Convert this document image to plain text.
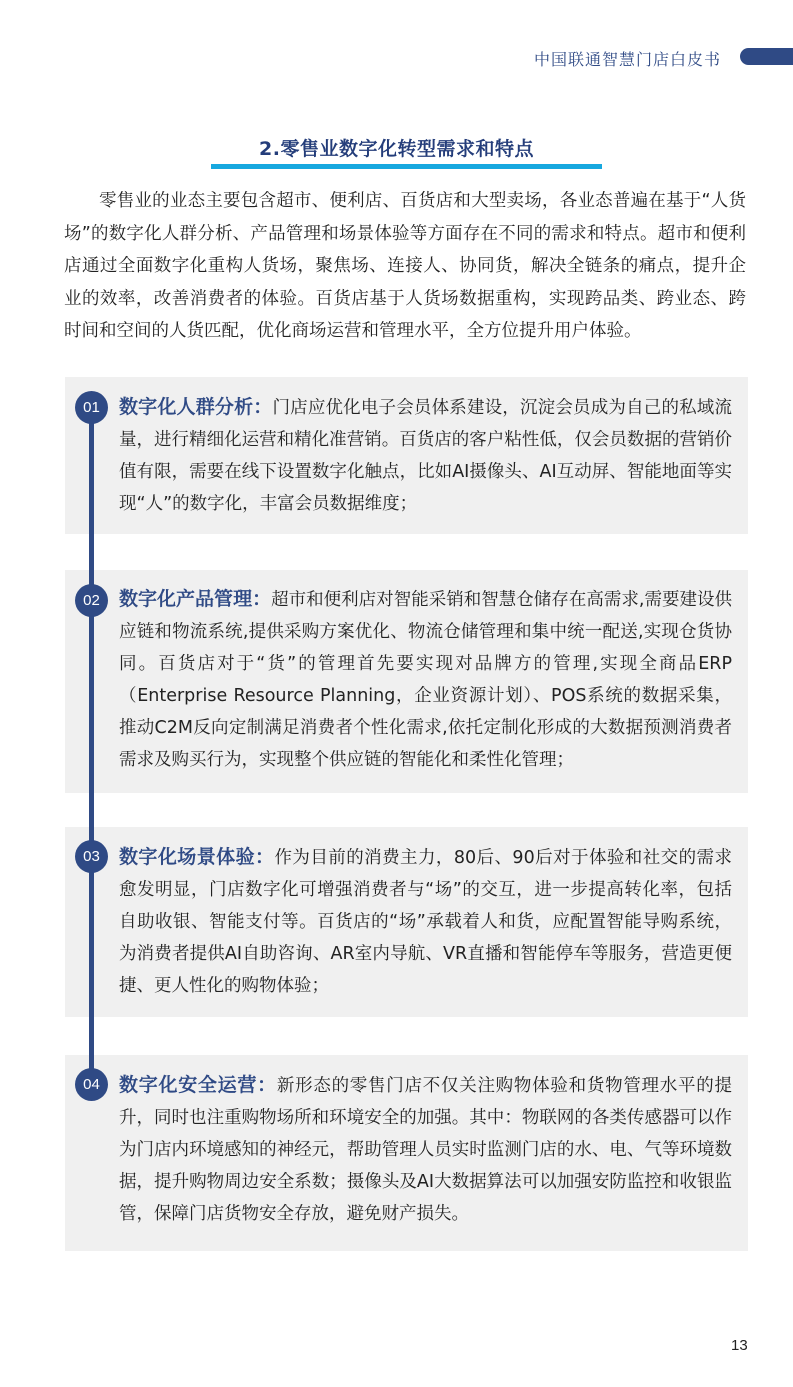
中国联通智慧门店白皮书
2.零售业数字化转型需求和特点

零售业的业态主要包含超市、便利店、百货店和大型卖场，各业态普遍在基于“人货场”的数字化人群分析、产品管理和场景体验等方面存在不同的需求和特点。超市和便利店通过全面数字化重构人货场，聚焦场、连接人、协同货，解决全链条的痛点，提升企业的效率，改善消费者的体验。百货店基于人货场数据重构，实现跨品类、跨业态、跨时间和空间的人货匹配，优化商场运营和管理水平，全方位提升用户体验。

数字化人群分析：门店应优化电子会员体系建设，沉淀会员成为自己的私域流量，进行精细化运营和精化准营销。百货店的客户粘性低，仅会员数据的营销价值有限，需要在线下设置数字化触点，比如AI摄像头、AI互动屏、智能地面等实现“人”的数字化，丰富会员数据维度；

数字化产品管理：超市和便利店对智能采销和智慧仓储存在高需求,需要建设供应链和物流系统,提供采购方案优化、物流仓储管理和集中统一配送,实现仓货协同。百货店对于“货”的管理首先要实现对品牌方的管理,实现全商品ERP（Enterprise Resource Planning，企业资源计划）、POS系统的数据采集，推动C2M反向定制满足消费者个性化需求,依托定制化形成的大数据预测消费者需求及购买行为，实现整个供应链的智能化和柔性化管理；

数字化场景体验：作为目前的消费主力，80后、90后对于体验和社交的需求愈发明显，门店数字化可增强消费者与“场”的交互，进一步提高转化率，包括自助收银、智能支付等。百货店的“场”承载着人和货，应配置智能导购系统，为消费者提供AI自助咨询、AR室内导航、VR直播和智能停车等服务，营造更便捷、更人性化的购物体验；

数字化安全运营：新形态的零售门店不仅关注购物体验和货物管理水平的提升，同时也注重购物场所和环境安全的加强。其中：物联网的各类传感器可以作为门店内环境感知的神经元，帮助管理人员实时监测门店的水、电、气等环境数据，提升购物周边安全系数；摄像头及AI大数据算法可以加强安防监控和收银监管，保障门店货物安全存放，避免财产损失。

01
02
03
04
13
